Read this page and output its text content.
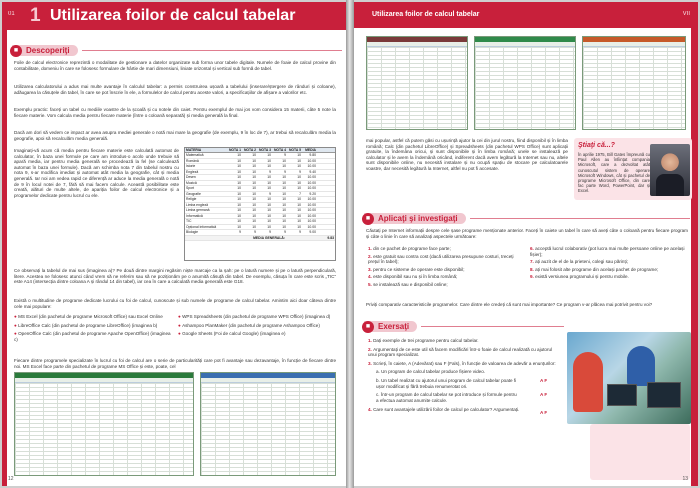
01 1 Utilizarea foilor de calcul tabelar
■ Descoperiţi
Foile de calcul electronice reprezintă o modalitate de gestionare a datelor organizate sub forma unor tabele digitale. Numele de foaie de calcul provine din contabilitate, domeniu în care se folosesc formulare de hârtie de mari dimensiuni, liniate orizontal și vertical sub formă de tabel.
Utilizarea calculatorului a adus mai multe avantaje în calculul tabelar: a permis construirea ușoară a tabelului (inserare/ștergere de rânduri și coloane), adăugarea la căsuțele din tabel, în care se pot înscrie în ele, a formulelor de calcul pentru aceste valori, a specificațiilor de afișare a valorilor etc.
Exemplu practic: faceți un tabel cu mediile voastre de la școală și cu notele din caiet. Pentru exemplul de mai jos vom considera 15 materii, câte 5 note la fiecare materie. Vom calcula media pentru fiecare materie (între o coloană separată) și media generală la final.
Dacă am dori să vedem ce impact ar avea asupra mediei generale o notă mai mare la geografie (de exemplu, 9 în loc de 7), ar trebui să recalculăm media la geografie, apoi să recalculăm media generală.
Imaginați-vă acum că media pentru fiecare materie este calculată automat de calculator, în baza unei formule pe care am introdus-o acolo unde trebuie să apară media, iar pentru media generală se procedează la fel (se calculează automat în baza unei formule). Dacă am schimba nota 7 din tabelul nostru cu nota 9, s-ar modifica imediat și automat atât media la geografie, cât și media generală. Iar noi am vedea rapid ce diferență ar aduce la media generală o notă de 9 în locul notei de 7, fără să mai facem calcule. Această posibilitate este creată, alături de multe altele, de apariția foilor de calcul electronice și a programelor dedicate pentru lucrul cu ele.
MATERIA	NOTA 1 NOTA 2 NOTA 3 NOTA 4 NOTA 5	MEDIA
Matematică	10	10	10	9	10	9.80
Română	10	10	10	10	10	10.00
Istorie	10	10	10	10	10	10.00
Engleză	10	10	9	9	9	9.40
Desen	10	10	10	10	10	10.00
Muzică	10	10	10	10	10	10.00
Sport	10	10	10	10	10	10.00
Geografie	10	10	9	10	7	9.20
Religie	10	10	10	10	10	10.00
Limba engleză	10	10	10	10	10	10.00
Limba germană	10	10	10	10	10	10.00
Informatică	10	10	10	10	10	10.00
TIC	10	10	10	10	10	10.00
Opțional informatică	10	10	10	10	10	10.00
Biologie	9	9	9	9	9	9.00
MEDIA GENERALĂ:	9.83
Ce observați la tabelul de mai sus (imaginea a)? Pe două dintre margini regăsim niște marcaje ca la șah: pe o latură numere și pe o latură perpendiculară, litere. Acestea ne folosesc atunci când vrem să ne referim sau să ne poziționăm pe o anumită căsuță din tabel. De exemplu, căsuța în care este scris „TIC” este A14 (intersecția dintre coloana A și rândul 14 din tabel), iar cea în care a calculată media generală este G18.
Există o multitudine de programe dedicate lucrului cu foi de calcul, cunoscute și sub numele de programe de calcul tabelar. Amintim aici doar câteva dintre cele mai populare:
● MS Excel (din pachetul de programe Microsoft Office) sau Excel Online
● LibreOffice Calc (din pachetul de programe LibreOffice) (imaginea b)
● OpenOffice Calc (din pachetul de programe Apache OpenOffice) (imaginea c)
● WPS Spreadsheets (din pachetul de programe WPS Office) (imaginea d)
● Ashampoo PlanMaker (din pachetul de programe Ashampoo Office)
● Google Sheets (Foi de calcul Google) (imaginea e)
Fiecare dintre programele specializate în lucrul cu foi de calcul are o serie de particularități care pot fi avantaje sau dezavantaje, în funcție de fiecare dintre noi. MS Excel face parte din pachetul de programe MS Office și este, poate, cel
12
Utilizarea foilor de calcul tabelar	VII
mai popular, astfel că putem găsi cu ușurință ajutor la cei din jurul nostru, fiind disponibil și în limba română; Calc (din pachetul LibreOffice) și Spreadsheets (din pachetul WPS Office) sunt aplicații gratuite, la îndemâna oricui, și sunt disponibile și în limba română; unele se instalează pe calculator și le avem la îndemână oricând, indiferent dacă avem legătură la Internet sau nu, altele sunt disponibile online, nu necesită instalare și nu ocupă spațiu de stocare pe calculatoarele voastre, dar necesită legătură la Internet, altfel nu pot fi accesate.
Ştiaţi că...?
În aprilie 1975, Bill Gates împreună cu Paul Allen au înființat compania Microsoft, care a dezvoltat atât cunoscutul sistem de operare Microsoft Windows, cât și pachetul de programe Microsoft Office, din care fac parte Word, PowerPoint, dar și Excel.
■ Aplicaţi şi investigaţi
Căutați pe Internet informații despre cele șase programe menționate anterior. Faceți în caiete un tabel în care să aveți câte o coloană pentru fiecare program și câte o linie în care să analizați aspectele următoare:
1. din ce pachet de programe face parte;
2. este gratuit sau contra cost (dacă utilizarea presupune costuri, treceți prețul în tabel);
3. pentru ce sisteme de operare este disponibil;
4. este disponibil sau nu și în limba română;
5. se instalează sau e disponibil online;
6. acceptă lucrul colaborativ (pot lucra mai multe persoane online pe același fișier);
7. ați auzit de el de la prieteni, colegi sau părinți;
8. ați mai folosit alte programe din același pachet de programe;
9. există versiunea programului și pentru mobile.
Priviți comparativ caracteristicile programelor. Care dintre ele credeți că sunt mai importante? Ce program v-ar plăcea mai potrivit pentru voi?
■ Exersaţi
1. Dați exemple de trei programe pentru calcul tabelar.
2. Argumentați de ce este util să facem modificări într-o foaie de calcul realizată cu ajutorul unui program specializat.
3. Scrieți, în caiete, A (Adevărat) sau F (Fals), în funcție de valoarea de adevăr a enunțurilor:
a. Un program de calcul tabelar produce fișiere video.
b. Un tabel realizat cu ajutorul unui program de calcul tabelar poate fi ușor modificat și fără trebuia renumerotat ori.
c. Într-un program de calcul tabelar se pot introduce și formule pentru a efectua automat anumite calcule.
4. Care sunt avantajele utilizării foilor de calcul pe calculator? Argumentați.
A F
A F
A F
13
